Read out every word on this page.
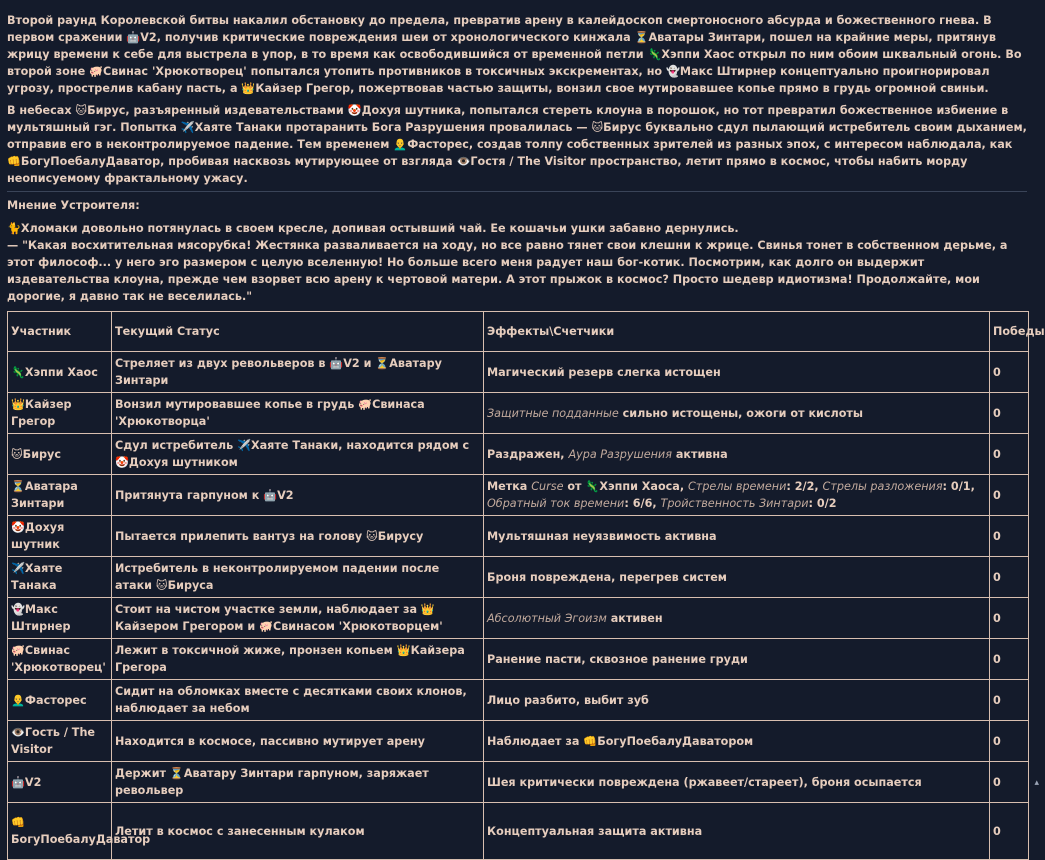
Второй раунд Королевской битвы накалил обстановку до предела, превратив арену в калейдоскоп смертоносного абсурда и божественного гнева. В первом сражении 🤖V2, получив критические повреждения шеи от хронологического кинжала ⏳Аватары Зинтари, пошел на крайние меры, притянув жрицу времени к себе для выстрела в упор, в то время как освободившийся от временной петли 🦎Хэппи Хаос открыл по ним обоим шквальный огонь. Во второй зоне 🐖Свинас 'Хрюкотворец' попытался утопить противников в токсичных экскрементах, но 👻Макс Штирнер концептуально проигнорировал угрозу, прострелив кабану пасть, а 👑Кайзер Грегор, пожертвовав частью защиты, вонзил свое мутировавшее копье прямо в грудь огромной свиньи.

В небесах 🐱Бирус, разъяренный издевательствами 🤡Дохуя шутника, попытался стереть клоуна в порошок, но тот превратил божественное избиение в мультяшный гэг. Попытка ✈️Хаяте Танаки протаранить Бога Разрушения провалилась — 🐱Бирус буквально сдул пылающий истребитель своим дыханием, отправив его в неконтролируемое падение. Тем временем 👨‍🦲Фасторес, создав толпу собственных зрителей из разных эпох, с интересом наблюдала, как 👊БогуПоебалуДаватор, пробивая насквозь мутирующее от взгляда 👁️Гостя / The Visitor пространство, летит прямо в космос, чтобы набить морду неописуемому фрактальному ужасу.

Мнение Устроителя:

🐈Хломаки довольно потянулась в своем кресле, допивая остывший чай. Ее кошачьи ушки забавно дернулись.

— "Какая восхитительная мясорубка! Жестянка разваливается на ходу, но все равно тянет свои клешни к жрице. Свинья тонет в собственном дерьме, а этот философ... у него эго размером с целую вселенную! Но больше всего меня радует наш бог-котик. Посмотрим, как долго он выдержит издевательства клоуна, прежде чем взорвет всю арену к чертовой матери. А этот прыжок в космос? Просто шедевр идиотизма! Продолжайте, мои дорогие, я давно так не веселилась."

Участник	Текущий Статус	Эффекты\Счетчики	Победы
🦎Хэппи Хаос	Стреляет из двух револьверов в 🤖V2 и ⏳Аватару Зинтари	Магический резерв слегка истощен	0
👑Кайзер Грегор	Вонзил мутировавшее копье в грудь 🐖Свинаса 'Хрюкотворца'	Защитные подданные сильно истощены, ожоги от кислоты	0
🐱Бирус	Сдул истребитель ✈️Хаяте Танаки, находится рядом с 🤡Дохуя шутником	Раздражен, Аура Разрушения активна	0
⏳Аватара Зинтари	Притянута гарпуном к 🤖V2	Метка Curse от 🦎Хэппи Хаоса, Стрелы времени: 2/2, Стрелы разложения: 0/1, Обратный ток времени: 6/6, Тройственность Зинтари: 0/2	0
🤡Дохуя шутник	Пытается прилепить вантуз на голову 🐱Бирусу	Мультяшная неуязвимость активна	0
✈️Хаяте Танака	Истребитель в неконтролируемом падении после атаки 🐱Бируса	Броня повреждена, перегрев систем	0
👻Макс Штирнер	Стоит на чистом участке земли, наблюдает за 👑Кайзером Грегором и 🐖Свинасом 'Хрюкотворцем'	Абсолютный Эгоизм активен	0
🐖Свинас 'Хрюкотворец'	Лежит в токсичной жиже, пронзен копьем 👑Кайзера Грегора	Ранение пасти, сквозное ранение груди	0
👨‍🦲Фасторес	Сидит на обломках вместе с десятками своих клонов, наблюдает за небом	Лицо разбито, выбит зуб	0
👁️Гость / The Visitor	Находится в космосе, пассивно мутирует арену	Наблюдает за 👊БогуПоебалуДаватором	0
🤖V2	Держит ⏳Аватару Зинтари гарпуном, заряжает револьвер	Шея критически повреждена (ржавеет/стареет), броня осыпается	0
👊БогуПоебалуДаватор	Летит в космос с занесенным кулаком	Концептуальная защита активна	0
▴
